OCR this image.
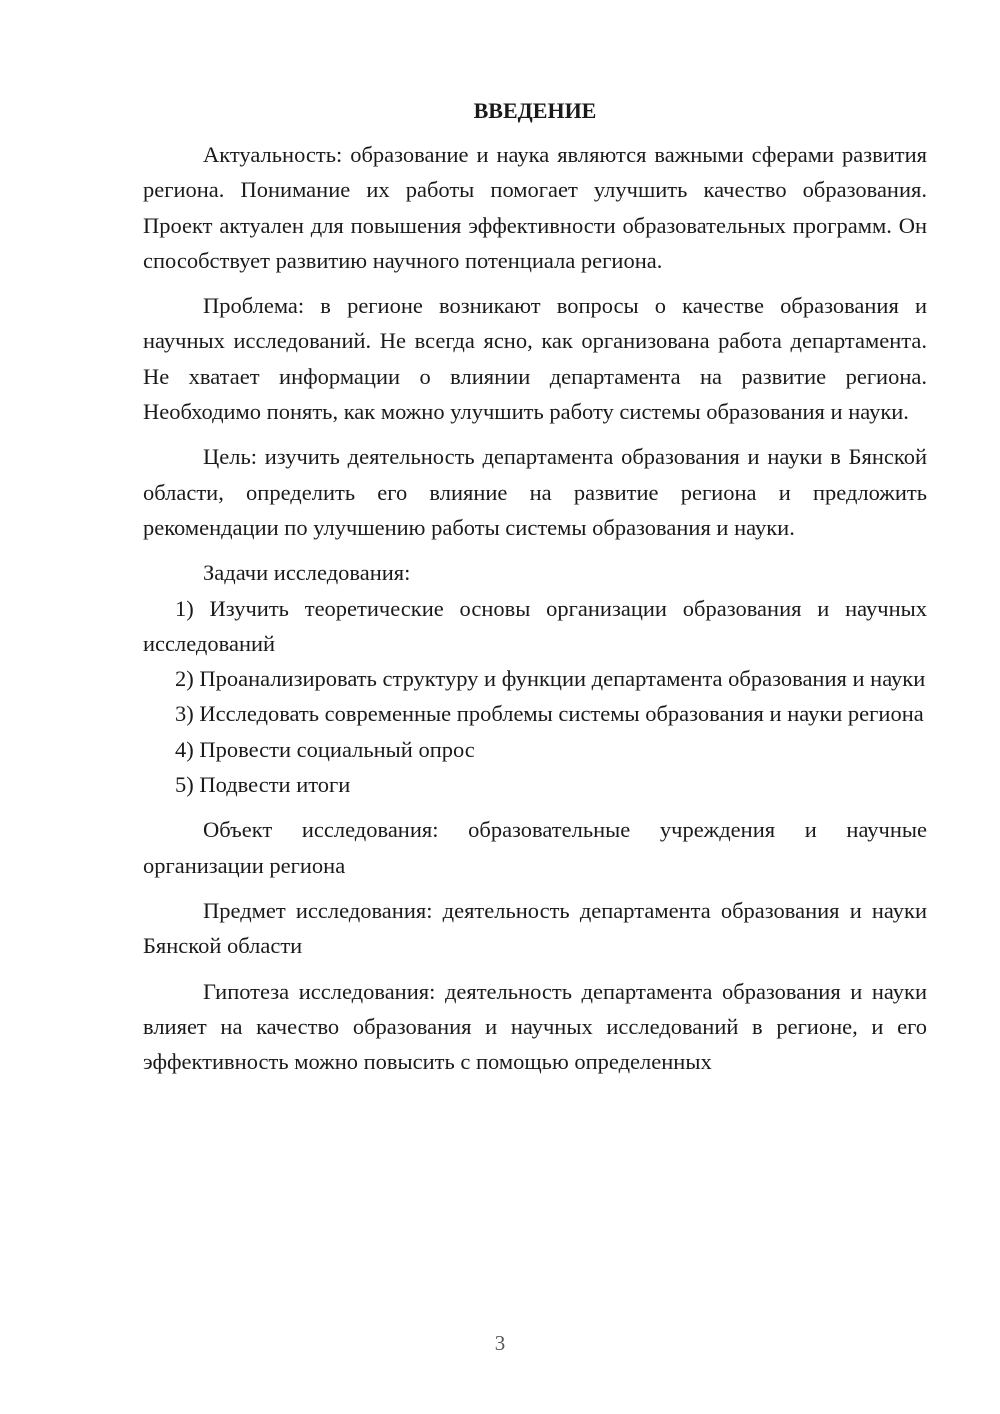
ВВЕДЕНИЕ

Актуальность: образование и наука являются важными сферами развития региона. Понимание их работы помогает улучшить качество образования. Проект актуален для повышения эффективности образовательных программ. Он способствует развитию научного потенциала региона.

Проблема: в регионе возникают вопросы о качестве образования и научных исследований. Не всегда ясно, как организована работа департамента. Не хватает информации о влиянии департамента на развитие региона. Необходимо понять, как можно улучшить работу системы образования и науки.

Цель: изучить деятельность департамента образования и науки в Бянской области, определить его влияние на развитие региона и предложить рекомендации по улучшению работы системы образования и науки.

Задачи исследования:

1) Изучить теоретические основы организации образования и научных исследований

2) Проанализировать структуру и функции департамента образования и науки

3) Исследовать современные проблемы системы образования и науки региона

4) Провести социальный опрос

5) Подвести итоги

Объект исследования: образовательные учреждения и научные организации региона

Предмет исследования: деятельность департамента образования и науки Бянской области

Гипотеза исследования: деятельность департамента образования и науки влияет на качество образования и научных исследований в регионе, и его эффективность можно повысить с помощью определенных

3
